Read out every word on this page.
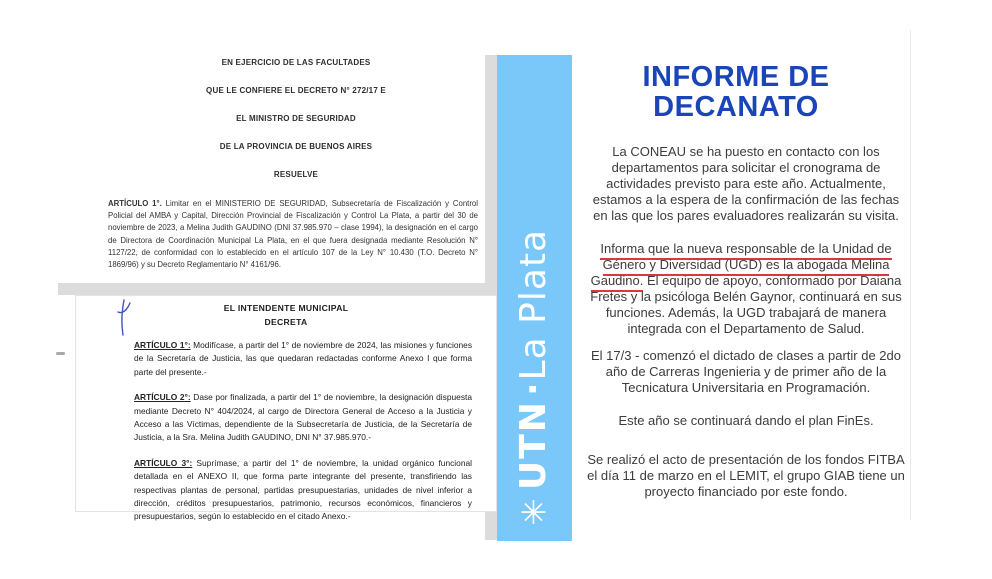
EN EJERCICIO DE LAS FACULTADES

QUE LE CONFIERE EL DECRETO N° 272/17 E

EL MINISTRO DE SEGURIDAD

DE LA PROVINCIA DE BUENOS AIRES

RESUELVE

ARTÍCULO 1°. Limitar en el MINISTERIO DE SEGURIDAD, Subsecretaría de Fiscalización y Control Policial del AMBA y Capital, Dirección Provincial de Fiscalización y Control La Plata, a partir del 30 de noviembre de 2023, a Melina Judith GAUDINO (DNI 37.985.970 – clase 1994), la designación en el cargo de Directora de Coordinación Municipal La Plata, en el que fuera designada mediante Resolución N° 1127/22, de conformidad con lo establecido en el artículo 107 de la Ley N° 10.430 (T.O. Decreto N° 1869/96) y su Decreto Reglamentario N° 4161/96.

EL INTENDENTE MUNICIPAL

DECRETA

ARTÍCULO 1°: Modifícase, a partir del 1° de noviembre de 2024, las misiones y funciones de la Secretaría de Justicia, las que quedaran redactadas conforme Anexo I que forma parte del presente.-

ARTÍCULO 2°: Dase por finalizada, a partir del 1° de noviembre, la designación dispuesta mediante Decreto N° 404/2024, al cargo de Directora General de Acceso a la Justicia y Acceso a las Víctimas, dependiente de la Subsecretaría de Justicia, de la Secretaría de Justicia, a la Sra. Melina Judith GAUDINO, DNI N° 37.985.970.-

ARTÍCULO 3°: Suprímase, a partir del 1° de noviembre, la unidad orgánico funcional detallada en el ANEXO II, que forma parte integrante del presente, transfiriendo las respectivas plantas de personal, partidas presupuestarias, unidades de nivel inferior a dirección, créditos presupuestarios, patrimonio, recursos económicos, financieros y presupuestarios, según lo establecido en el citado Anexo.-	✳UTN·La Plata
INFORME DE
DECANATO

La CONEAU se ha puesto en contacto con los departamentos para solicitar el cronograma de actividades previsto para este año. Actualmente, estamos a la espera de la confirmación de las fechas en las que los pares evaluadores realizarán su visita.

Informa que la nueva responsable de la Unidad de Género y Diversidad (UGD) es la abogada Melina Gaudino. El equipo de apoyo, conformado por Daiana Fretes y la psicóloga Belén Gaynor, continuará en sus funciones. Además, la UGD trabajará de manera integrada con el Departamento de Salud.

El 17/3 - comenzó el dictado de clases a partir de 2do año de Carreras Ingenieria y de primer año de la Tecnicatura Universitaria en Programación.

Este año se continuará dando el plan FinEs.

Se realizó el acto de presentación de los fondos FITBA el día 11 de marzo en el LEMIT, el grupo GIAB tiene un proyecto financiado por este fondo.
